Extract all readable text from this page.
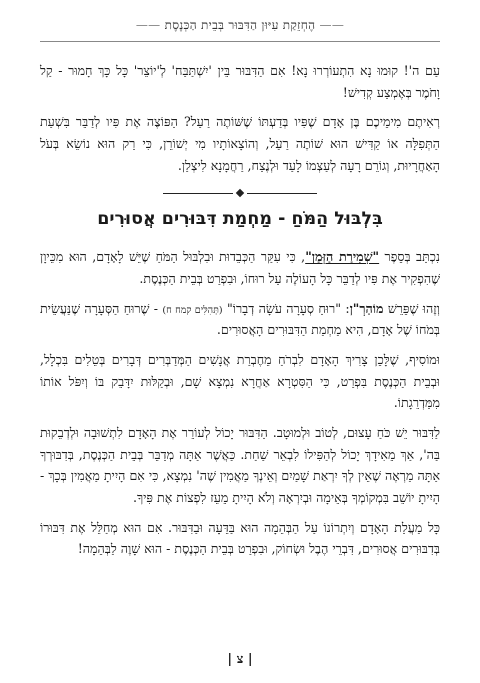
—— הֶחְזֵקַת עִיּוּן הַדִּבּוּר בְּבֵית הַכְּנֶסֶת ——

עַם ה'! קוּמוּ נָא הִתְעוֹרְרוּ נָא! אִם הַדִּבּוּר בֵּין 'יִשְׁתַּבַּח' לְ'יוֹצֵר' כָּל כָּךְ חָמוּר - קַל וָחֹמֶר בְּאֶמְצַע קְדִישׁ!

רְאִיתֶם מִימֵיכֶם בֶּן אָדָם שֶׁפִּיו בְּדַעְתּוֹ שֶׁשּׁוֹתֶה רַעַל? הַפּוֹצֶה אֶת פִּיו לְדַבֵּר בִּשְׁעַת הַתְּפִלָּה אוֹ קַדִּישׁ הוּא שׁוֹתֶה רַעַל, וְהוֹצָאוֹתָיו מִי יְשׁוֹרֵן, כִּי רַק הוּא נוֹשֵׂא בְּעֹל הָאַחֲרָיוּת, וְגוֹרֵם רָעָה לְעַצְמוֹ לָעַד וּלְנֶצַח, רַחֲמָנָא לִיצְלַן.

בִּלְבּוּל הַמֹּחַ - מַחְמַת דִּבּוּרִים אֲסוּרִים

נִכְתַּב בְּסֵפֶר "שְׁמִירַת הַזְּמַן", כִּי עִקַּר הַכְּבֵדוּת וּבִלְבּוּל הַמֹּחַ שֶׁיֵּשׁ לָאָדָם, הוּא מִכֵּיוָן שֶׁהִפְקִיר אֶת פִּיו לְדַבֵּר כָּל הָעוֹלֶה עַל רוּחוֹ, וּבִפְרַט בְּבֵית הַכְּנֶסֶת.

וְזֶהוּ שֶׁפֵּרֵשׁ מוֹהַרְ"ן: "רוּחַ סְעָרָה עֹשָׂה דְבָרוֹ" (תְּהִלִּים קמח ח) - שֶׁרוּחַ הַסְּעָרָה שֶׁנַּעֲשֵׂית בְּמֹחוֹ שֶׁל אָדָם, הִיא מַחְמַת הַדִּבּוּרִים הָאֲסוּרִים.

וּמוֹסִיף, שֶׁלָּכֵן צָרִיךְ הָאָדָם לִבְרֹחַ מֵחֶבְרַת אֲנָשִׁים הַמְּדַבְּרִים דְּבָרִים בְּטֵלִים בִּכְלָל, וּבְבֵית הַכְּנֶסֶת בִּפְרַט, כִּי הַסִּטְרָא אַחֲרָא נִמְצָא שָׁם, וּבְקַלּוּת יִדָּבֵק בּוֹ וְיִפֹּל אוֹתוֹ מִמַּדְרֵגָתוֹ.

לַדִּבּוּר יֵשׁ כֹּחַ עָצוּם, לְטוֹב וּלְמוּטָב. הַדִּבּוּר יָכוֹל לְעוֹרֵר אֶת הָאָדָם לִתְשׁוּבָה וּלְדְבֵקוּת בַּה', אַךְ מֵאִידָךְ יָכוֹל לְהַפִּילוֹ לִבְאֵר שַׁחַת. כַּאֲשֶׁר אַתָּה מְדַבֵּר בְּבֵית הַכְּנֶסֶת, בְּדִבּוּרְךָ אַתָּה מַרְאֶה שֶׁאֵין לְךָ יִרְאַת שָׁמַיִם וְאֵינְךָ מַאֲמִין שֶׁה' נִמְצָא, כִּי אִם הָיִיתָ מַאֲמִין בְּכָךְ - הָיִיתָ יוֹשֵׁב בִּמְקוֹמְךָ בְּאֵימָה וּבְיִרְאָה וְלֹא הָיִיתָ מֵעֵז לִפְצוֹת אֶת פִּיךָ.

כָּל מַעֲלַת הָאָדָם וְיִתְרוֹנוֹ עַל הַבְּהֵמָה הוּא בַּדֵּעָה וּבַדִּבּוּר. אִם הוּא מְחַלֵּל אֶת דִּבּוּרוֹ בְּדִבּוּרִים אֲסוּרִים, דִּבְרֵי הֶבֶל וּשְׂחוֹק, וּבִפְרַט בְּבֵית הַכְּנֶסֶת - הוּא שָׁוֶה לַבְּהֵמָה!

| צ |
